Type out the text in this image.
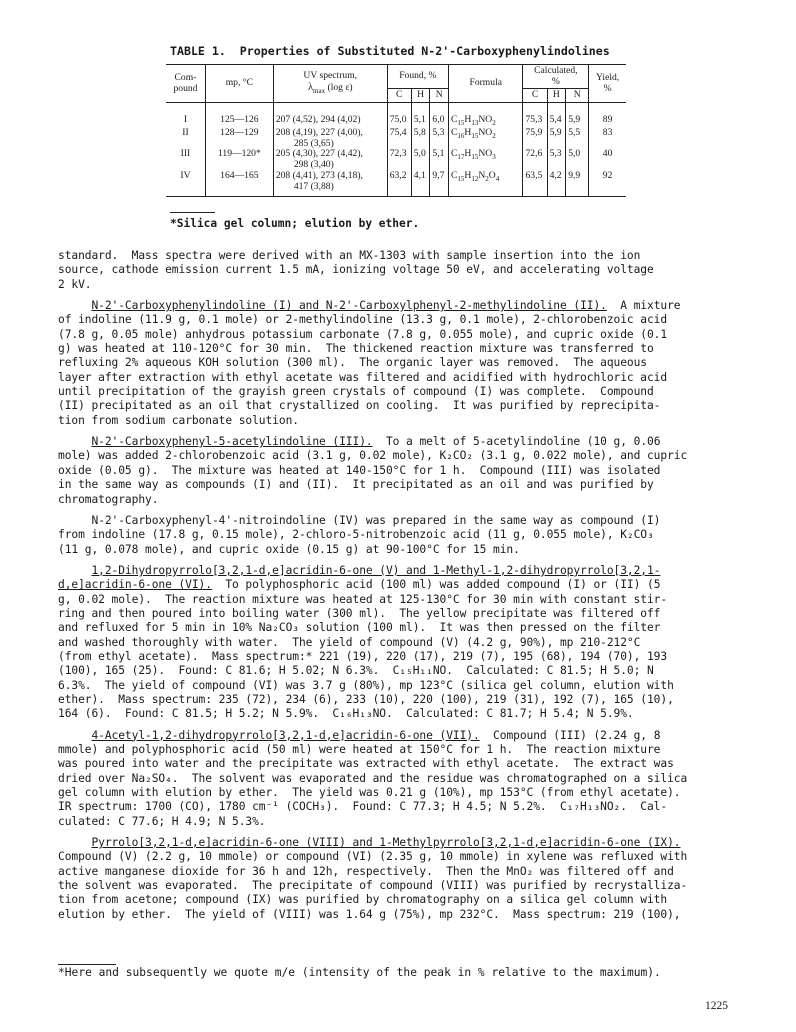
TABLE 1.  Properties of Substituted N-2'-Carboxyphenylindolines
Com-
pound	mp, °C	UV spectrum,
$\lambda_{max}$ (log ε)	Found, %			Formula	Calculated,
%			Yield,
%
			C	H	N		C	H	N	
I	125—126	207 (4,52), 294 (4,02)	75,0	5,1	6,0	$C_{15}H_{13}NO_2$	75,3	5,4	5,9	89
II	128—129	208 (4,19), 227 (4,00),
285 (3,65)	75,4	5,8	5,3	$C_{16}H_{15}NO_2$	75,9	5,9	5,5	83
III	119—120*	205 (4,30), 227 (4,42),
298 (3,40)	72,3	5,0	5,1	$C_{17}H_{15}NO_3$	72,6	5,3	5,0	40
IV	164—165	208 (4,41), 273 (4,18),
417 (3,88)	63,2	4,1	9,7	$C_{15}H_{12}N_2O_4$	63,5	4,2	9,9	92
*Silica gel column; elution by ether.
standard.  Mass spectra were derived with an MX-1303 with sample insertion into the ion
source, cathode emission current 1.5 mA, ionizing voltage 50 eV, and accelerating voltage
2 kV.
N-2'-Carboxyphenylindoline (I) and N-2'-Carboxylphenyl-2-methylindoline (II).  A mixture
of indoline (11.9 g, 0.1 mole) or 2-methylindoline (13.3 g, 0.1 mole), 2-chlorobenzoic acid
(7.8 g, 0.05 mole) anhydrous potassium carbonate (7.8 g, 0.055 mole), and cupric oxide (0.1
g) was heated at 110-120°C for 30 min.  The thickened reaction mixture was transferred to
refluxing 2% aqueous KOH solution (300 ml).  The organic layer was removed.  The aqueous
layer after extraction with ethyl acetate was filtered and acidified with hydrochloric acid
until precipitation of the grayish green crystals of compound (I) was complete.  Compound
(II) precipitated as an oil that crystallized on cooling.  It was purified by reprecipita-
tion from sodium carbonate solution.
N-2'-Carboxyphenyl-5-acetylindoline (III).  To a melt of 5-acetylindoline (10 g, 0.06
mole) was added 2-chlorobenzoic acid (3.1 g, 0.02 mole), K₂CO₂ (3.1 g, 0.022 mole), and cupric
oxide (0.05 g).  The mixture was heated at 140-150°C for 1 h.  Compound (III) was isolated
in the same way as compounds (I) and (II).  It precipitated as an oil and was purified by
chromatography.
N-2'-Carboxyphenyl-4'-nitroindoline (IV) was prepared in the same way as compound (I)
from indoline (17.8 g, 0.15 mole), 2-chloro-5-nitrobenzoic acid (11 g, 0.055 mole), K₂CO₃
(11 g, 0.078 mole), and cupric oxide (0.15 g) at 90-100°C for 15 min.
1,2-Dihydropyrrolo[3,2,1-d,e]acridin-6-one (V) and 1-Methyl-1,2-dihydropyrrolo[3,2,1-
d,e]acridin-6-one (VI).  To polyphosphoric acid (100 ml) was added compound (I) or (II) (5
g, 0.02 mole).  The reaction mixture was heated at 125-130°C for 30 min with constant stir-
ring and then poured into boiling water (300 ml).  The yellow precipitate was filtered off
and refluxed for 5 min in 10% Na₂CO₃ solution (100 ml).  It was then pressed on the filter
and washed thoroughly with water.  The yield of compound (V) (4.2 g, 90%), mp 210-212°C
(from ethyl acetate).  Mass spectrum:* 221 (19), 220 (17), 219 (7), 195 (68), 194 (70), 193
(100), 165 (25).  Found: C 81.6; H 5.02; N 6.3%.  C₁₅H₁₁NO.  Calculated: C 81.5; H 5.0; N
6.3%.  The yield of compound (VI) was 3.7 g (80%), mp 123°C (silica gel column, elution with
ether).  Mass spectrum: 235 (72), 234 (6), 233 (10), 220 (100), 219 (31), 192 (7), 165 (10),
164 (6).  Found: C 81.5; H 5.2; N 5.9%.  C₁₆H₁₃NO.  Calculated: C 81.7; H 5.4; N 5.9%.
4-Acetyl-1,2-dihydropyrrolo[3,2,1-d,e]acridin-6-one (VII).  Compound (III) (2.24 g, 8
mmole) and polyphosphoric acid (50 ml) were heated at 150°C for 1 h.  The reaction mixture
was poured into water and the precipitate was extracted with ethyl acetate.  The extract was
dried over Na₂SO₄.  The solvent was evaporated and the residue was chromatographed on a silica
gel column with elution by ether.  The yield was 0.21 g (10%), mp 153°C (from ethyl acetate).
IR spectrum: 1700 (CO), 1780 cm⁻¹ (COCH₃).  Found: C 77.3; H 4.5; N 5.2%.  C₁₇H₁₃NO₂.  Cal-
culated: C 77.6; H 4.9; N 5.3%.
Pyrrolo[3,2,1-d,e]acridin-6-one (VIII) and 1-Methylpyrrolo[3,2,1-d,e]acridin-6-one (IX).
Compound (V) (2.2 g, 10 mmole) or compound (VI) (2.35 g, 10 mmole) in xylene was refluxed with
active manganese dioxide for 36 h and 12h, respectively.  Then the MnO₂ was filtered off and
the solvent was evaporated.  The precipitate of compound (VIII) was purified by recrystalliza-
tion from acetone; compound (IX) was purified by chromatography on a silica gel column with
elution by ether.  The yield of (VIII) was 1.64 g (75%), mp 232°C.  Mass spectrum: 219 (100),
*Here and subsequently we quote m/e (intensity of the peak in % relative to the maximum).
1225
